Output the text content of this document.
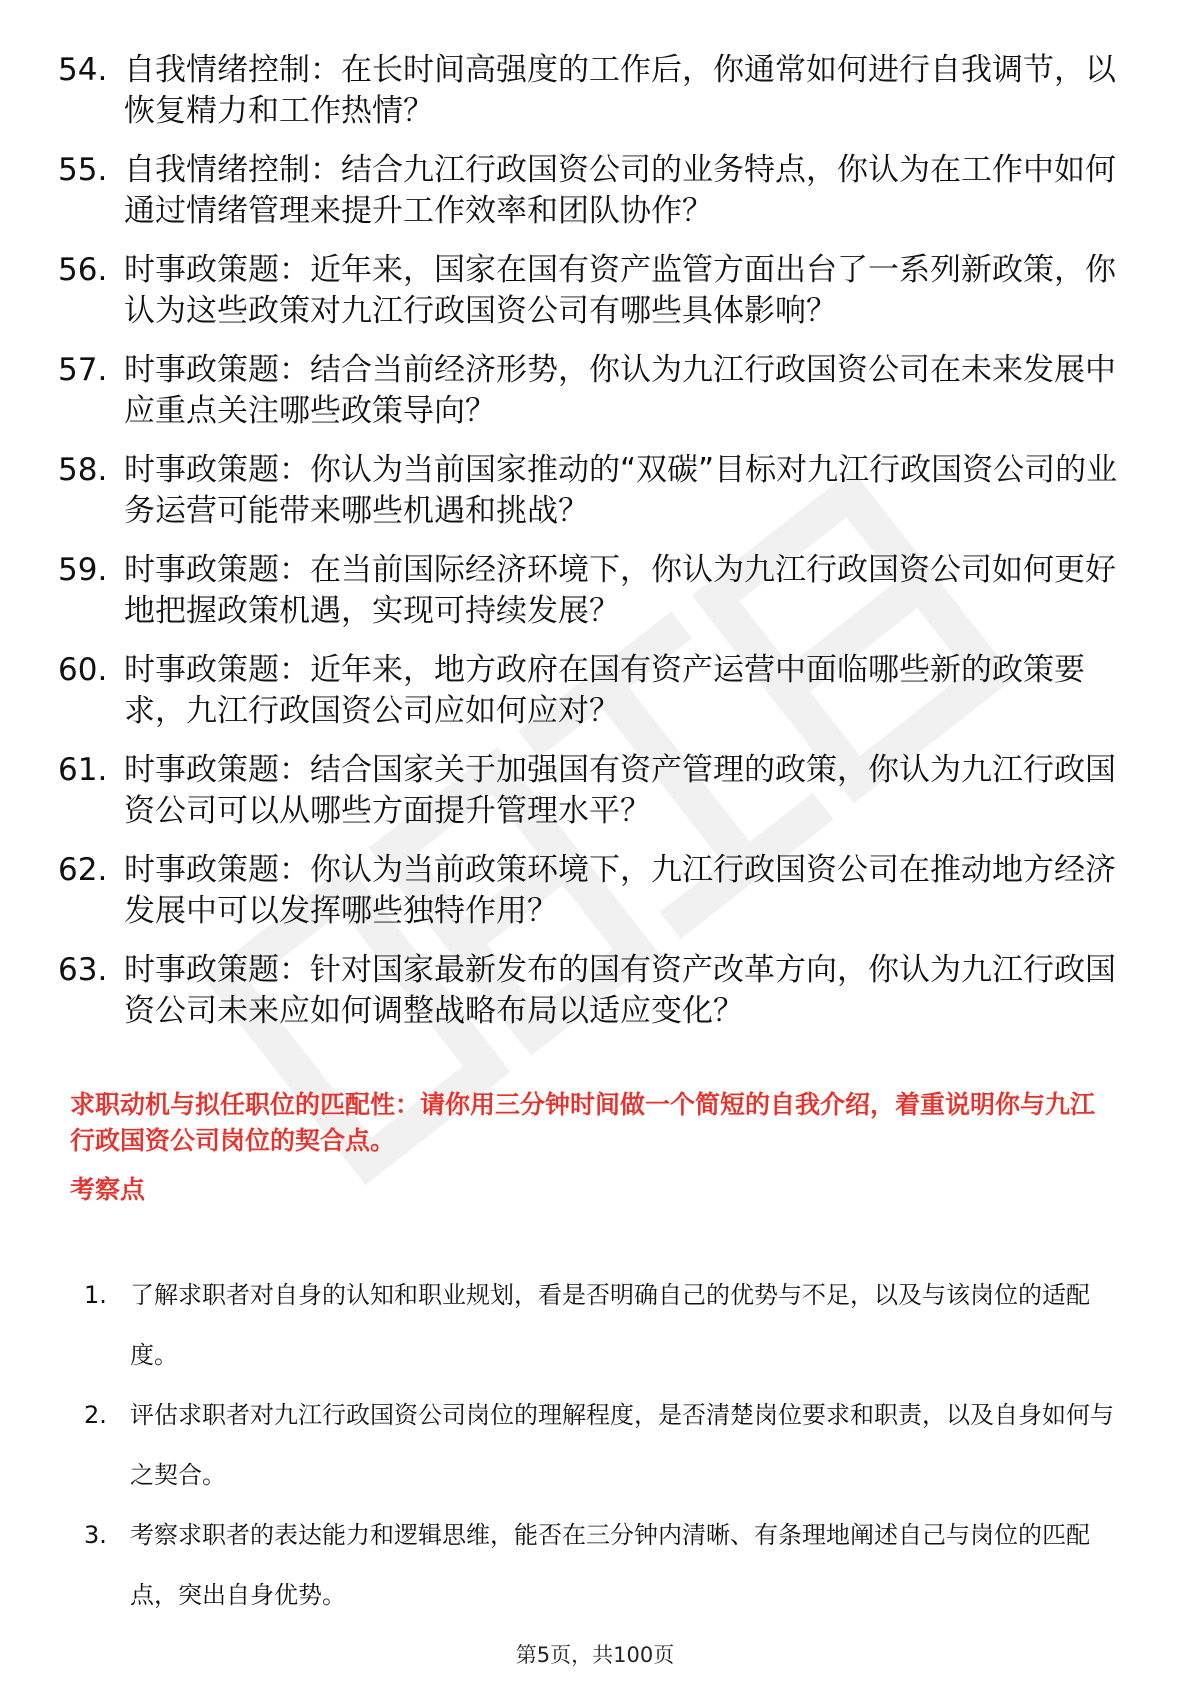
54. 自我情绪控制：在长时间高强度的工作后，你通常如何进行自我调节，以恢复精力和工作热情？
55. 自我情绪控制：结合九江行政国资公司的业务特点，你认为在工作中如何通过情绪管理来提升工作效率和团队协作？
56. 时事政策题：近年来，国家在国有资产监管方面出台了一系列新政策，你认为这些政策对九江行政国资公司有哪些具体影响？
57. 时事政策题：结合当前经济形势，你认为九江行政国资公司在未来发展中应重点关注哪些政策导向？
58. 时事政策题：你认为当前国家推动的“双碳”目标对九江行政国资公司的业务运营可能带来哪些机遇和挑战？
59. 时事政策题：在当前国际经济环境下，你认为九江行政国资公司如何更好地把握政策机遇，实现可持续发展？
60. 时事政策题：近年来，地方政府在国有资产运营中面临哪些新的政策要求，九江行政国资公司应如何应对？
61. 时事政策题：结合国家关于加强国有资产管理的政策，你认为九江行政国资公司可以从哪些方面提升管理水平？
62. 时事政策题：你认为当前政策环境下，九江行政国资公司在推动地方经济发展中可以发挥哪些独特作用？
63. 时事政策题：针对国家最新发布的国有资产改革方向，你认为九江行政国资公司未来应如何调整战略布局以适应变化？
求职动机与拟任职位的匹配性：请你用三分钟时间做一个简短的自我介绍，着重说明你与九江行政国资公司岗位的契合点。
考察点
1. 了解求职者对自身的认知和职业规划，看是否明确自己的优势与不足，以及与该岗位的适配度。
2. 评估求职者对九江行政国资公司岗位的理解程度，是否清楚岗位要求和职责，以及自身如何与之契合。
3. 考察求职者的表达能力和逻辑思维，能否在三分钟内清晰、有条理地阐述自己与岗位的匹配点，突出自身优势。
第5页，共100页
